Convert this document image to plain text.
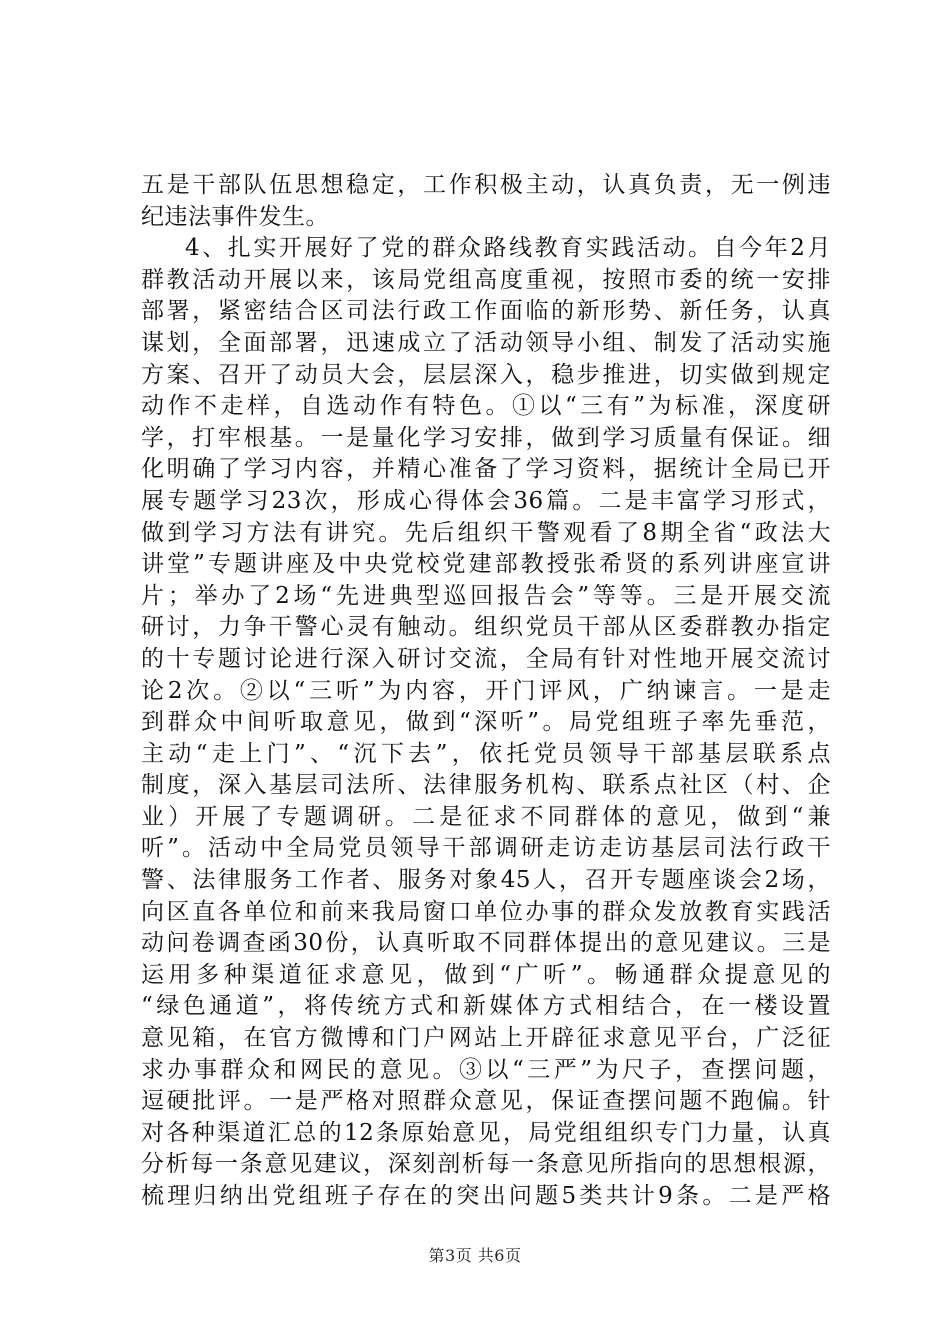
五是干部队伍思想稳定，工作积极主动，认真负责，无一例违
纪违法事件发生。
4、扎实开展好了党的群众路线教育实践活动。自今年2月
群教活动开展以来，该局党组高度重视，按照市委的统一安排
部署，紧密结合区司法行政工作面临的新形势、新任务，认真
谋划，全面部署，迅速成立了活动领导小组、制发了活动实施
方案、召开了动员大会，层层深入，稳步推进，切实做到规定
动作不走样，自选动作有特色。①以“三有”为标准，深度研
学，打牢根基。一是量化学习安排，做到学习质量有保证。细
化明确了学习内容，并精心准备了学习资料，据统计全局已开
展专题学习23次，形成心得体会36篇。二是丰富学习形式，
做到学习方法有讲究。先后组织干警观看了8期全省“政法大
讲堂”专题讲座及中央党校党建部教授张希贤的系列讲座宣讲
片；举办了2场“先进典型巡回报告会”等等。三是开展交流
研讨，力争干警心灵有触动。组织党员干部从区委群教办指定
的十专题讨论进行深入研讨交流，全局有针对性地开展交流讨
论2次。②以“三听”为内容，开门评风，广纳谏言。一是走
到群众中间听取意见，做到“深听”。局党组班子率先垂范，
主动“走上门”、“沉下去”，依托党员领导干部基层联系点
制度，深入基层司法所、法律服务机构、联系点社区（村、企
业）开展了专题调研。二是征求不同群体的意见，做到“兼
听”。活动中全局党员领导干部调研走访走访基层司法行政干
警、法律服务工作者、服务对象45人，召开专题座谈会2场，
向区直各单位和前来我局窗口单位办事的群众发放教育实践活
动问卷调查函30份，认真听取不同群体提出的意见建议。三是
运用多种渠道征求意见，做到“广听”。畅通群众提意见的
“绿色通道”，将传统方式和新媒体方式相结合，在一楼设置
意见箱，在官方微博和门户网站上开辟征求意见平台，广泛征
求办事群众和网民的意见。③以“三严”为尺子，查摆问题，
逗硬批评。一是严格对照群众意见，保证查摆问题不跑偏。针
对各种渠道汇总的12条原始意见，局党组组织专门力量，认真
分析每一条意见建议，深刻剖析每一条意见所指向的思想根源，
梳理归纳出党组班子存在的突出问题5类共计9条。二是严格
第3页 共6页
